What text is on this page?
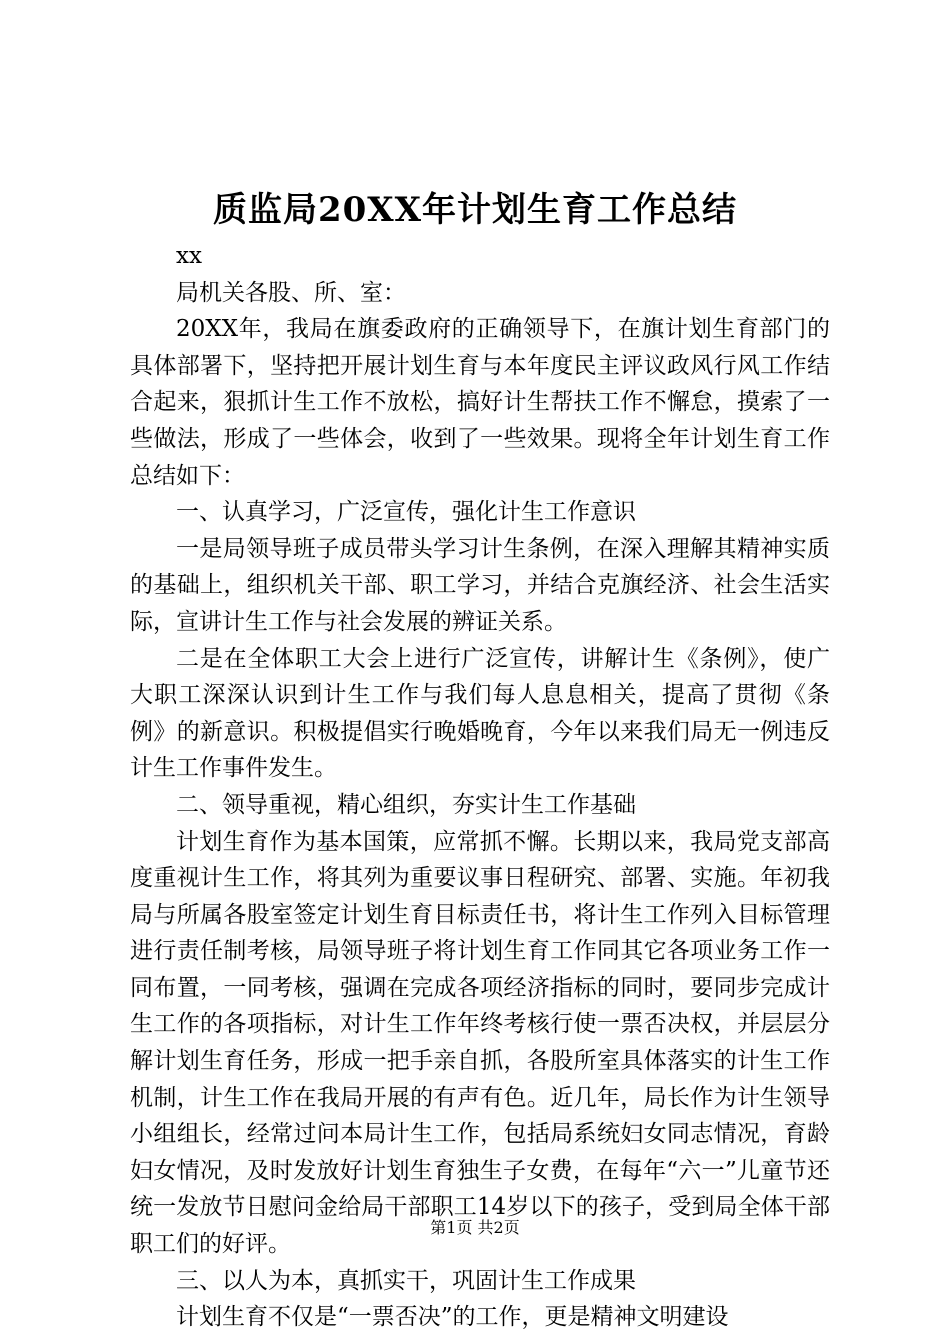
质监局20XX年计划生育工作总结

xx

局机关各股、所、室：

20XX年，我局在旗委政府的正确领导下，在旗计划生育部门的具体部署下，坚持把开展计划生育与本年度民主评议政风行风工作结合起来，狠抓计生工作不放松，搞好计生帮扶工作不懈怠，摸索了一些做法，形成了一些体会，收到了一些效果。现将全年计划生育工作总结如下：

一、认真学习，广泛宣传，强化计生工作意识

一是局领导班子成员带头学习计生条例，在深入理解其精神实质的基础上，组织机关干部、职工学习，并结合克旗经济、社会生活实际，宣讲计生工作与社会发展的辨证关系。

二是在全体职工大会上进行广泛宣传，讲解计生《条例》，使广大职工深深认识到计生工作与我们每人息息相关，提高了贯彻《条例》的新意识。积极提倡实行晚婚晚育，今年以来我们局无一例违反计生工作事件发生。

二、领导重视，精心组织，夯实计生工作基础

计划生育作为基本国策，应常抓不懈。长期以来，我局党支部高度重视计生工作，将其列为重要议事日程研究、部署、实施。年初我局与所属各股室签定计划生育目标责任书，将计生工作列入目标管理进行责任制考核，局领导班子将计划生育工作同其它各项业务工作一同布置，一同考核，强调在完成各项经济指标的同时，要同步完成计生工作的各项指标，对计生工作年终考核行使一票否决权，并层层分解计划生育任务，形成一把手亲自抓，各股所室具体落实的计生工作机制，计生工作在我局开展的有声有色。近几年，局长作为计生领导小组组长，经常过问本局计生工作，包括局系统妇女同志情况，育龄妇女情况，及时发放好计划生育独生子女费，在每年“六一”儿童节还统一发放节日慰问金给局干部职工14岁以下的孩子，受到局全体干部职工们的好评。

三、以人为本，真抓实干，巩固计生工作成果

计划生育不仅是“一票否决”的工作，更是精神文明建设

第1页 共2页
